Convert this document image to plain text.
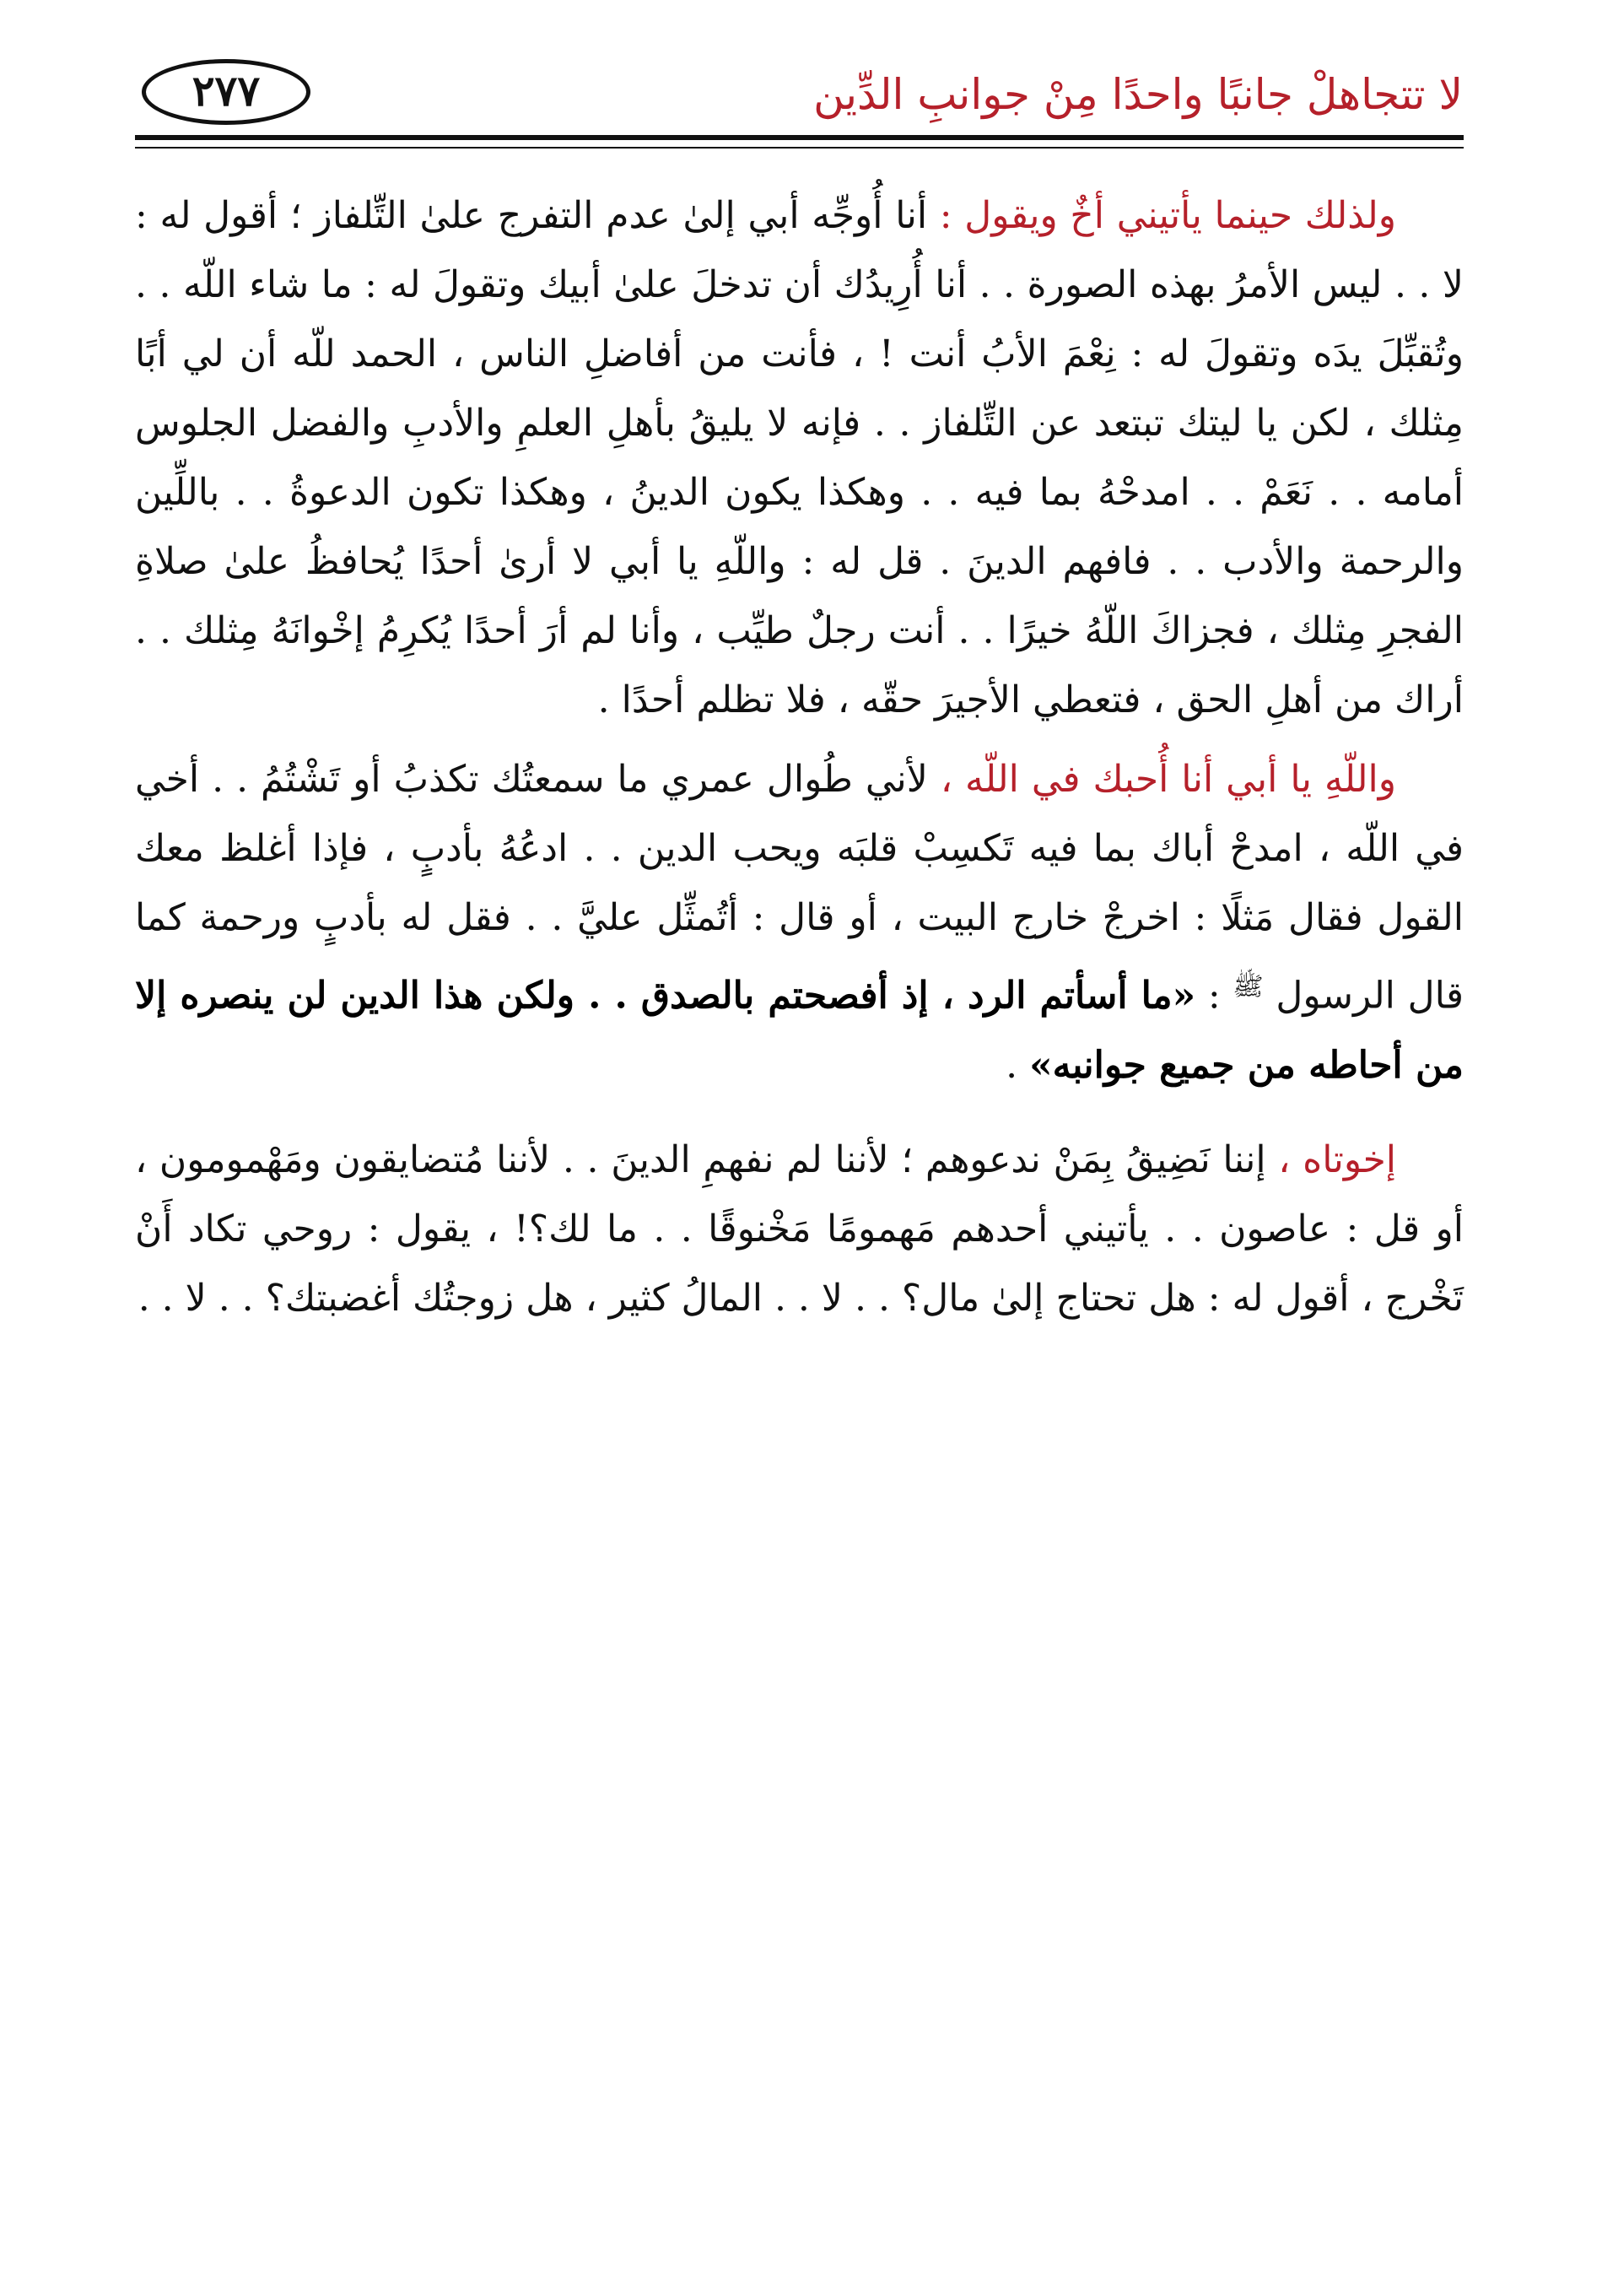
لا تتجاهلْ جانبًا واحدًا مِنْ جوانبِ الدِّين
٢٧٧

ولذلك حينما يأتيني أخٌ ويقول : أنا أُوجِّه أبي إلىٰ عدم التفرج علىٰ التِّلفاز ؛ أقول له : لا . . ليس الأمرُ بهذه الصورة . . أنا أُرِيدُك أن تدخلَ علىٰ أبيك وتقولَ له : ما شاء اللّه . . وتُقبِّلَ يدَه وتقولَ له : نِعْمَ الأبُ أنت ! ، فأنت من أفاضلِ الناس ، الحمد للّه أن لي أبًا مِثلك ، لكن يا ليتك تبتعد عن التِّلفاز . . فإنه لا يليقُ بأهلِ العلمِ والأدبِ والفضل الجلوس أمامه . . نَعَمْ . . امدحْهُ بما فيه . . وهكذا يكون الدينُ ، وهكذا تكون الدعوةُ . . باللِّين والرحمة والأدب . . فافهم الدينَ . قل له : واللّهِ يا أبي لا أرىٰ أحدًا يُحافظُ علىٰ صلاةِ الفجرِ مِثلك ، فجزاكَ اللّهُ خيرًا . . أنت رجلٌ طيِّب ، وأنا لم أرَ أحدًا يُكرِمُ إخْوانَهُ مِثلك . . أراك من أهلِ الحق ، فتعطي الأجيرَ حقّه ، فلا تظلم أحدًا .

واللّهِ يا أبي أنا أُحبك في اللّه ، لأني طُوال عمري ما سمعتُك تكذبُ أو تَشْتُمُ . . أخي في اللّه ، امدحْ أباك بما فيه تَكسِبْ قلبَه ويحب الدين . . ادعُهُ بأدبٍ ، فإذا أغلظ معك القول فقال مَثلًا : اخرجْ خارج البيت ، أو قال : أتُمثِّل عليَّ . . فقل له بأدبٍ ورحمة كما قال الرسول $^ﷺ$ : «ما أسأتم الرد ، إذ أفصحتم بالصدق . . ولكن هذا الدين لن ينصره إلا من أحاطه من جميع جوانبه» .

إخوتاه ، إننا نَضِيقُ بِمَنْ ندعوهم ؛ لأننا لم نفهمِ الدينَ . . لأننا مُتضايقون ومَهْمومون ، أو قل : عاصون . . يأتيني أحدهم مَهمومًا مَخْنوقًا . . ما لك؟! ، يقول : روحي تكاد أَنْ تَخْرج ، أقول له : هل تحتاج إلىٰ مال؟ . . لا . . المالُ كثير ، هل زوجتُك أغضبتك؟ . . لا . .
